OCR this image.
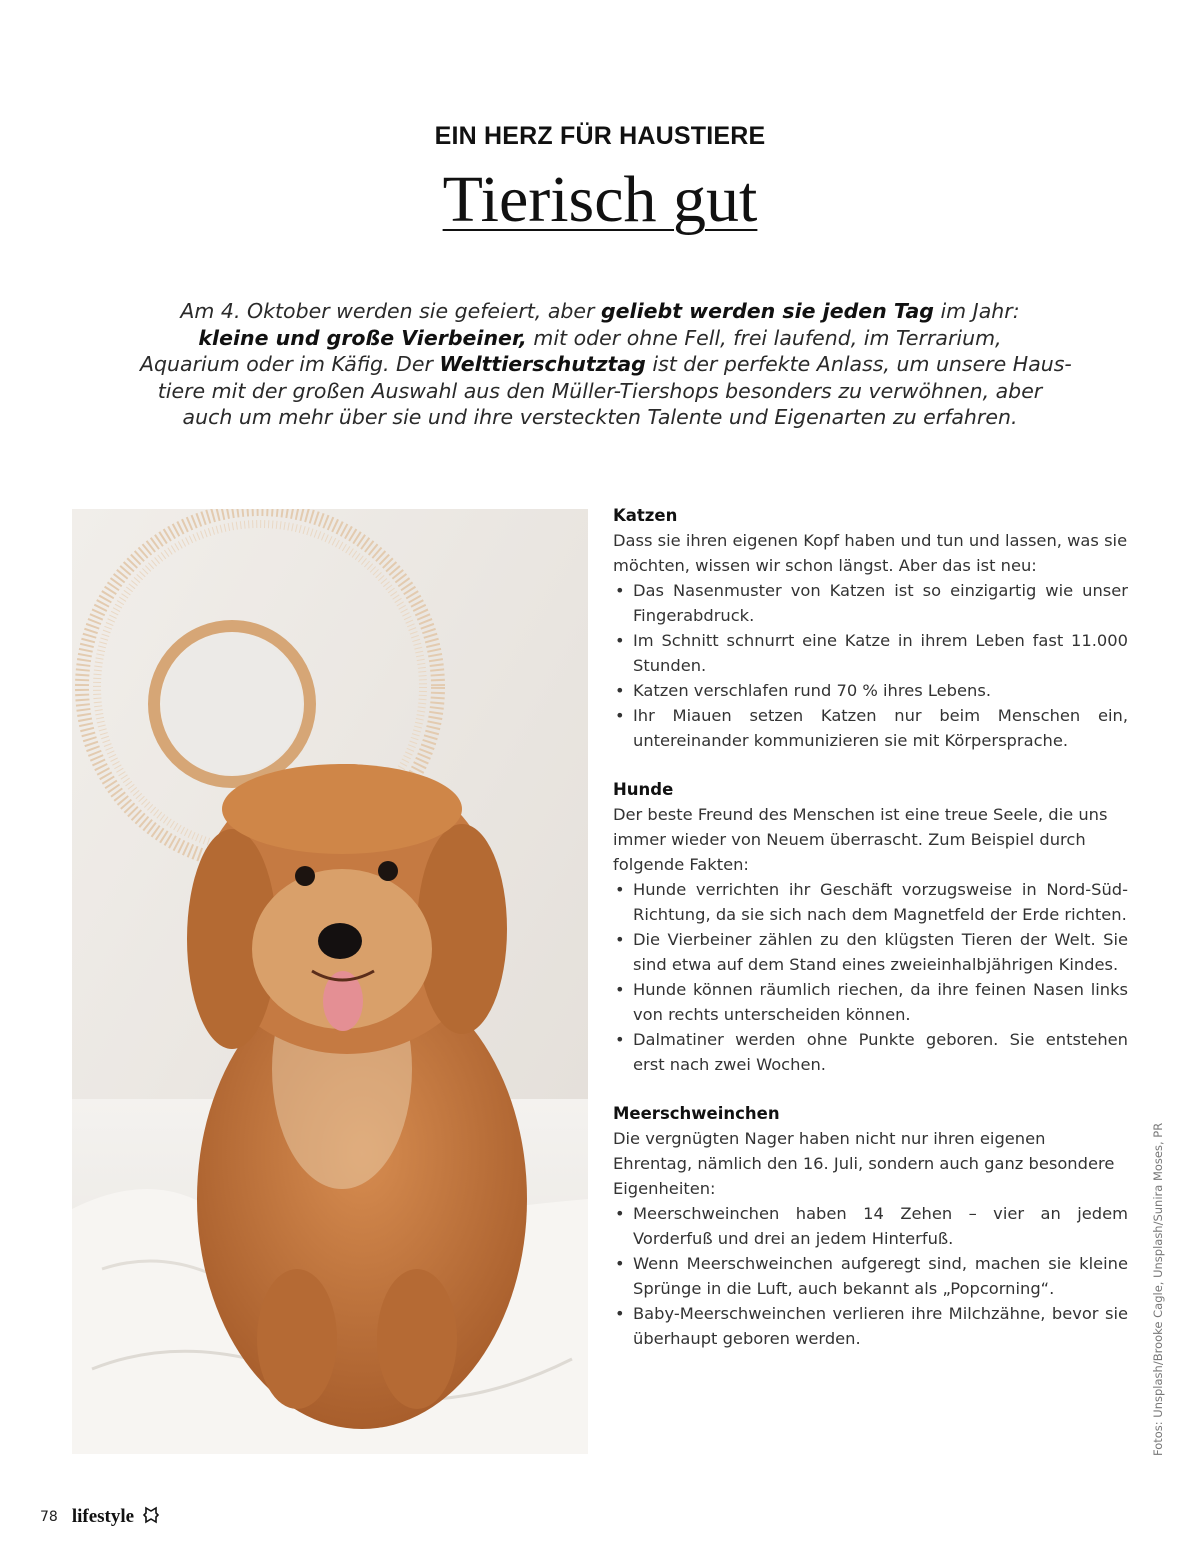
EIN HERZ FÜR HAUSTIERE
Tierisch gut
Am 4. Oktober werden sie gefeiert, aber geliebt werden sie jeden Tag im Jahr:
kleine und große Vierbeiner, mit oder ohne Fell, frei laufend, im Terrarium,
Aquarium oder im Käfig. Der Welttierschutztag ist der perfekte Anlass, um unsere Haus-
tiere mit der großen Auswahl aus den Müller-Tiershops besonders zu verwöhnen, aber
auch um mehr über sie und ihre versteckten Talente und Eigenarten zu erfahren.
Katzen

Dass sie ihren eigenen Kopf haben und tun und lassen, was sie möchten, wissen wir schon längst. Aber das ist neu:

• Das Nasenmuster von Katzen ist so einzigartig wie unser Fingerabdruck.
• Im Schnitt schnurrt eine Katze in ihrem Leben fast 11.000 Stunden.
• Katzen verschlafen rund 70 % ihres Lebens.
• Ihr Miauen setzen Katzen nur beim Menschen ein, untereinander kommunizieren sie mit Körpersprache.
Hunde

Der beste Freund des Menschen ist eine treue Seele, die uns immer wieder von Neuem überrascht. Zum Beispiel durch folgende Fakten:

• Hunde verrichten ihr Geschäft vorzugsweise in Nord-Süd-Richtung, da sie sich nach dem Magnetfeld der Erde richten.
• Die Vierbeiner zählen zu den klügsten Tieren der Welt. Sie sind etwa auf dem Stand eines zweieinhalbjährigen Kindes.
• Hunde können räumlich riechen, da ihre feinen Nasen links von rechts unterscheiden können.
• Dalmatiner werden ohne Punkte geboren. Sie entstehen erst nach zwei Wochen.
Meerschweinchen

Die vergnügten Nager haben nicht nur ihren eigenen Ehrentag, nämlich den 16. Juli, sondern auch ganz besondere Eigenheiten:

• Meerschweinchen haben 14 Zehen – vier an jedem Vorderfuß und drei an jedem Hinterfuß.
• Wenn Meerschweinchen aufgeregt sind, machen sie kleine Sprünge in die Luft, auch bekannt als „Popcorning“.
• Baby-Meerschweinchen verlieren ihre Milchzähne, bevor sie überhaupt geboren werden.	Fotos: Unsplash/Brooke Cagle, Unsplash/Sunira Moses, PR
78 lifestyle
